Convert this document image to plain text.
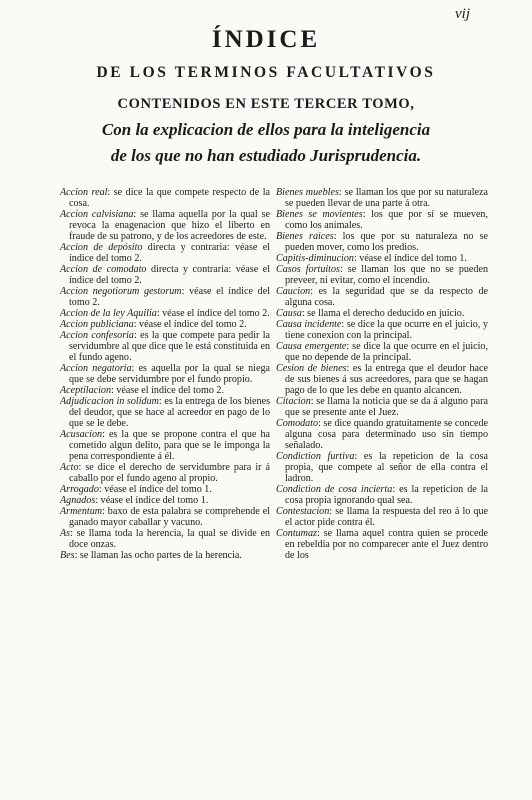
vij
ÍNDICE
DE LOS TERMINOS FACULTATIVOS
CONTENIDOS EN ESTE TERCER TOMO,
Con la explicacion de ellos para la inteligencia
de los que no han estudiado Jurisprudencia.

Accion real: se dice la que compete respecto de la cosa.

Accion calvisiana: se llama aquella por la qual se revoca la enagenacion que hizo el liberto en fraude de su patrono, y de los acreedores de este.

Accion de depósito directa y contraria: véase el índice del tomo 2.

Accion de comodato directa y contraria: véase el índice del tomo 2.

Accion negotiorum gestorum: véase el índice del tomo 2.

Accion de la ley Aquilia: véase el índice del tomo 2.

Accion publiciana: véase el índice del tomo 2.

Accion confesoria: es la que compete para pedir la servidumbre al que dice que le está constituida en el fundo ageno.

Accion negatoria: es aquella por la qual se niega que se debe servidumbre por el fundo propio.

Aceptilacion: véase el índice del tomo 2.

Adjudicacion in solidum: es la entrega de los bienes del deudor, que se hace al acreedor en pago de lo que se le debe.

Acusacion: es la que se propone contra el que ha cometido algun delito, para que se le imponga la pena correspondiente á él.

Acto: se dice el derecho de servidumbre para ir á caballo por el fundo ageno al propio.

Arrogado: véase el índice del tomo 1.

Agnados: véase el índice del tomo 1.

Armentum: baxo de esta palabra se comprehende el ganado mayor caballar y vacuno.

As: se llama toda la herencia, la qual se divide en doce onzas.

Bes: se llaman las ocho partes de la herencia.

Bienes muebles: se llaman los que por su naturaleza se pueden llevar de una parte á otra.

Bienes se movientes: los que por sí se mueven, como los animales.

Bienes raices: los que por su naturaleza no se pueden mover, como los predios.

Capitis-diminucion: véase el índice del tomo 1.

Casos fortuitos: se llaman los que no se pueden preveer, ni evitar, como el incendio.

Caucion: es la seguridad que se da respecto de alguna cosa.

Causa: se llama el derecho deducido en juicio.

Causa incidente: se dice la que ocurre en el juicio, y tiene conexion con la principal.

Causa emergente: se dice la que ocurre en el juicio, que no depende de la principal.

Cesion de bienes: es la entrega que el deudor hace de sus bienes á sus acreedores, para que se hagan pago de lo que les debe en quanto alcancen.

Citacion: se llama la noticia que se da á alguno para que se presente ante el Juez.

Comodato: se dice quando gratuitamente se concede alguna cosa para determinado uso sin tiempo señalado.

Condiction furtiva: es la repeticion de la cosa propia, que compete al señor de ella contra el ladron.

Condiction de cosa incierta: es la repeticion de la cosa propia ignorando qual sea.

Contestacion: se llama la respuesta del reo á lo que el actor pide contra él.

Contumaz: se llama aquel contra quien se procede en rebeldía por no comparecer ante el Juez dentro de los
